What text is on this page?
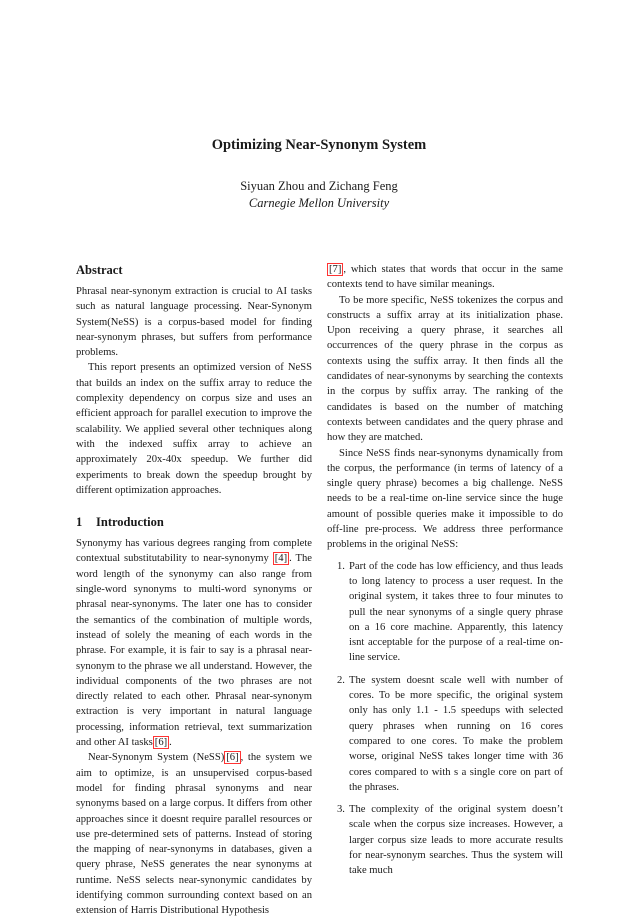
Optimizing Near-Synonym System
Siyuan Zhou and Zichang Feng
Carnegie Mellon University
Abstract

Phrasal near-synonym extraction is crucial to AI tasks such as natural language processing. Near-Synonym System(NeSS) is a corpus-based model for finding near-synonym phrases, but suffers from performance problems.

This report presents an optimized version of NeSS that builds an index on the suffix array to reduce the complexity dependency on corpus size and uses an efficient approach for parallel execution to improve the scalability. We applied several other techniques along with the indexed suffix array to achieve an approximately 20x-40x speedup. We further did experiments to break down the speedup brought by different optimization approaches.

1 Introduction

Synonymy has various degrees ranging from complete contextual substitutability to near-synonymy [4] . The word length of the synonymy can also range from single-word synonyms to multi-word synonyms or phrasal near-synonyms. The later one has to consider the semantics of the combination of multiple words, instead of solely the meaning of each words in the phrase. For example, it is fair to say is a phrasal near-synonym to the phrase we all understand. However, the individual components of the two phrases are not directly related to each other. Phrasal near-synonym extraction is very important in natural language processing, information retrieval, text summarization and other AI tasks [6] .

Near-Synonym System (NeSS) [6] , the system we aim to optimize, is an unsupervised corpus-based model for finding phrasal synonyms and near synonyms based on a large corpus. It differs from other approaches since it doesnt require parallel resources or use pre-determined sets of patterns. Instead of storing the mapping of near-synonyms in databases, given a query phrase, NeSS generates the near synonyms at runtime. NeSS selects near-synonymic candidates by identifying common surrounding context based on an extension of Harris Distributional Hypothesis

[7] , which states that words that occur in the same contexts tend to have similar meanings.

To be more specific, NeSS tokenizes the corpus and constructs a suffix array at its initialization phase. Upon receiving a query phrase, it searches all occurrences of the query phrase in the corpus as contexts using the suffix array. It then finds all the candidates of near-synonyms by searching the contexts in the corpus by suffix array. The ranking of the candidates is based on the number of matching contexts between candidates and the query phrase and how they are matched.

Since NeSS finds near-synonyms dynamically from the corpus, the performance (in terms of latency of a single query phrase) becomes a big challenge. NeSS needs to be a real-time on-line service since the huge amount of possible queries make it impossible to do off-line pre-process. We address three performance problems in the original NeSS:

1. Part of the code has low efficiency, and thus leads to long latency to process a user request. In the original system, it takes three to four minutes to pull the near synonyms of a single query phrase on a 16 core machine. Apparently, this latency isnt acceptable for the purpose of a real-time on-line service.
2. The system doesnt scale well with number of cores. To be more specific, the original system only has only 1.1 - 1.5 speedups with selected query phrases when running on 16 cores compared to one cores. To make the problem worse, original NeSS takes longer time with 36 cores compared to with s a single core on part of the phrases.
3. The complexity of the original system doesn’t scale when the corpus size increases. However, a larger corpus size leads to more accurate results for near-synonym searches. Thus the system will take much
